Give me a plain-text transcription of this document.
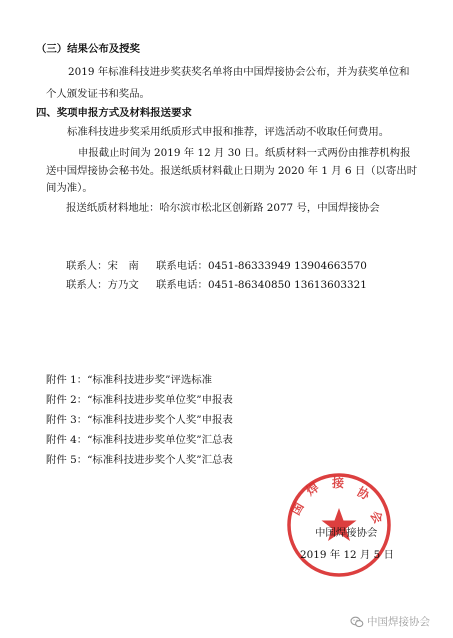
（三）结果公布及授奖
2019 年标准科技进步奖获奖名单将由中国焊接协会公布，并为获奖单位和
个人颁发证书和奖品。
四、奖项申报方式及材料报送要求
标准科技进步奖采用纸质形式申报和推荐，评选活动不收取任何费用。
申报截止时间为 2019 年 12 月 30 日。纸质材料一式两份由推荐机构报
送中国焊接协会秘书处。报送纸质材料截止日期为 2020 年 1 月 6 日（以寄出时
间为准）。
报送纸质材料地址：哈尔滨市松北区创新路 2077 号，中国焊接协会
联系人：宋　南 联系电话：0451-86333949 13904663570
联系人：方乃文 联系电话：0451-86340850 13613603321
附件 1：“标准科技进步奖”评选标准
附件 2：“标准科技进步奖单位奖”申报表
附件 3：“标准科技进步奖个人奖”申报表
附件 4：“标准科技进步奖单位奖”汇总表
附件 5：“标准科技进步奖个人奖”汇总表
焊 接
协
会
国
中国焊接协会
2019 年 12 月 5 日
中国焊接协会
